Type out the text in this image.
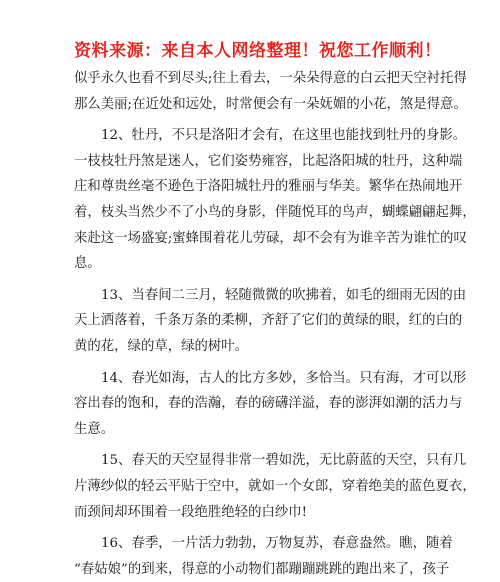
资料来源：来自本人网络整理！祝您工作顺利！
似乎永久也看不到尽头;往上看去，一朵朵得意的白云把天空衬托得
那么美丽;在近处和远处，时常便会有一朵妩媚的小花，煞是得意。
12、牡丹，不只是洛阳才会有，在这里也能找到牡丹的身影。
一枝枝牡丹煞是迷人，它们姿势雍容，比起洛阳城的牡丹，这种端
庄和尊贵丝毫不逊色于洛阳城牡丹的雅丽与华美。繁华在热闹地开
着，枝头当然少不了小鸟的身影，伴随悦耳的鸟声，蝴蝶翩翩起舞，
来赴这一场盛宴;蜜蜂围着花儿劳碌，却不会有为谁辛苦为谁忙的叹
息。
13、当春间二三月，轻随微微的吹拂着，如毛的细雨无因的由
天上洒落着，千条万条的柔柳，齐舒了它们的黄绿的眼，红的白的
黄的花，绿的草，绿的树叶。
14、春光如海，古人的比方多妙，多恰当。只有海，才可以形
容出春的饱和，春的浩瀚，春的磅礴洋溢，春的澎湃如潮的活力与
生意。
15、春天的天空显得非常一碧如洗，无比蔚蓝的天空，只有几
片薄纱似的轻云平贴于空中，就如一个女郎，穿着绝美的蓝色夏衣，
而颈间却环围着一段绝胜绝轻的白纱巾!
16、春季，一片活力勃勃，万物复苏，春意盎然。瞧，随着
“春姑娘”的到来，得意的小动物们都蹦蹦跳跳的跑出来了，孩子
